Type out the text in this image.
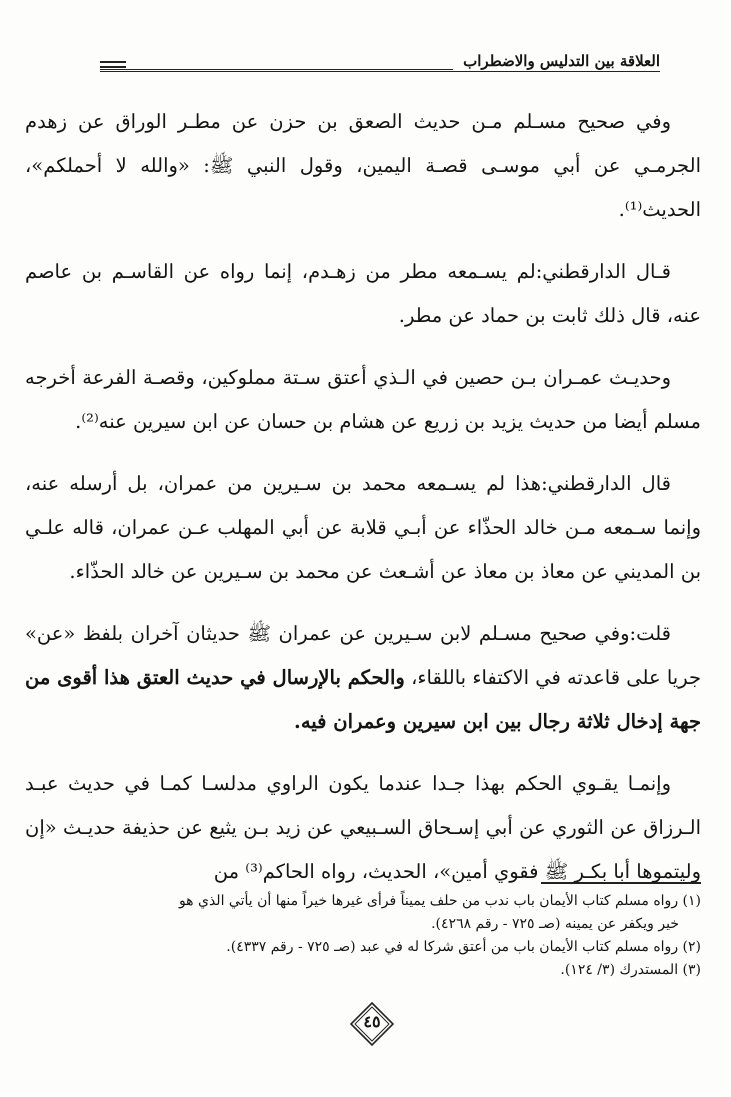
العلاقة بين التدليس والاضطراب

وفي صحيح مسـلم مـن حديث الصعق بن حزن عن مطـر الوراق عن زهدم الجرمـي عن أبي موسـى قصـة اليمين، وقول النبي ﷺ: «والله لا أحملكم»، الحديث⁽¹⁾.

قـال الدارقطني:لم يسـمعه مطر من زهـدم، إنما رواه عن القاسـم بن عاصم عنه، قال ذلك ثابت بن حماد عن مطر.

وحديـث عمـران بـن حصين في الـذي أعتق سـتة مملوكين، وقصـة الفرعة أخرجه مسلم أيضا من حديث يزيد بن زريع عن هشام بن حسان عن ابن سيرين عنه⁽²⁾.

قال الدارقطني:هذا لم يسـمعه محمد بن سـيرين من عمران، بل أرسله عنه، وإنما سـمعه مـن خالد الحذّاء عن أبـي قلابة عن أبي المهلب عـن عمران، قاله علـي بن المديني عن معاذ بن معاذ عن أشـعث عن محمد بن سـيرين عن خالد الحذّاء.

قلت:وفي صحيح مسـلم لابن سـيرين عن عمران ﷺ حديثان آخران بلفظ «عن» جريا على قاعدته في الاكتفاء باللقاء، والحكم بالإرسال في حديث العتق هذا أقوى من جهة إدخال ثلاثة رجال بين ابن سيرين وعمران فيه.

وإنمـا يقـوي الحكم بهذا جـدا عندما يكون الراوي مدلسـا كمـا في حديث عبـد الـرزاق عن الثوري عن أبي إسـحاق السـبيعي عن زيد بـن يثيع عن حذيفة حديـث «إن وليتموها أبا بكـر ﷺ فقوي أمين»، الحديث، رواه الحاكم⁽³⁾ من

(١) رواه مسلم كتاب الأيمان باب ندب من حلف يميناً فرأى غيرها خيراً منها أن يأتي الذي هو

خير ويكفر عن يمينه (صـ ٧٢٥ - رقم ٤٢٦٨).

(٢) رواه مسلم كتاب الأيمان باب من أعتق شركا له في عبد (صـ ٧٢٥ - رقم ٤٣٣٧).

(٣) المستدرك (٣/ ١٢٤).

٤٥
